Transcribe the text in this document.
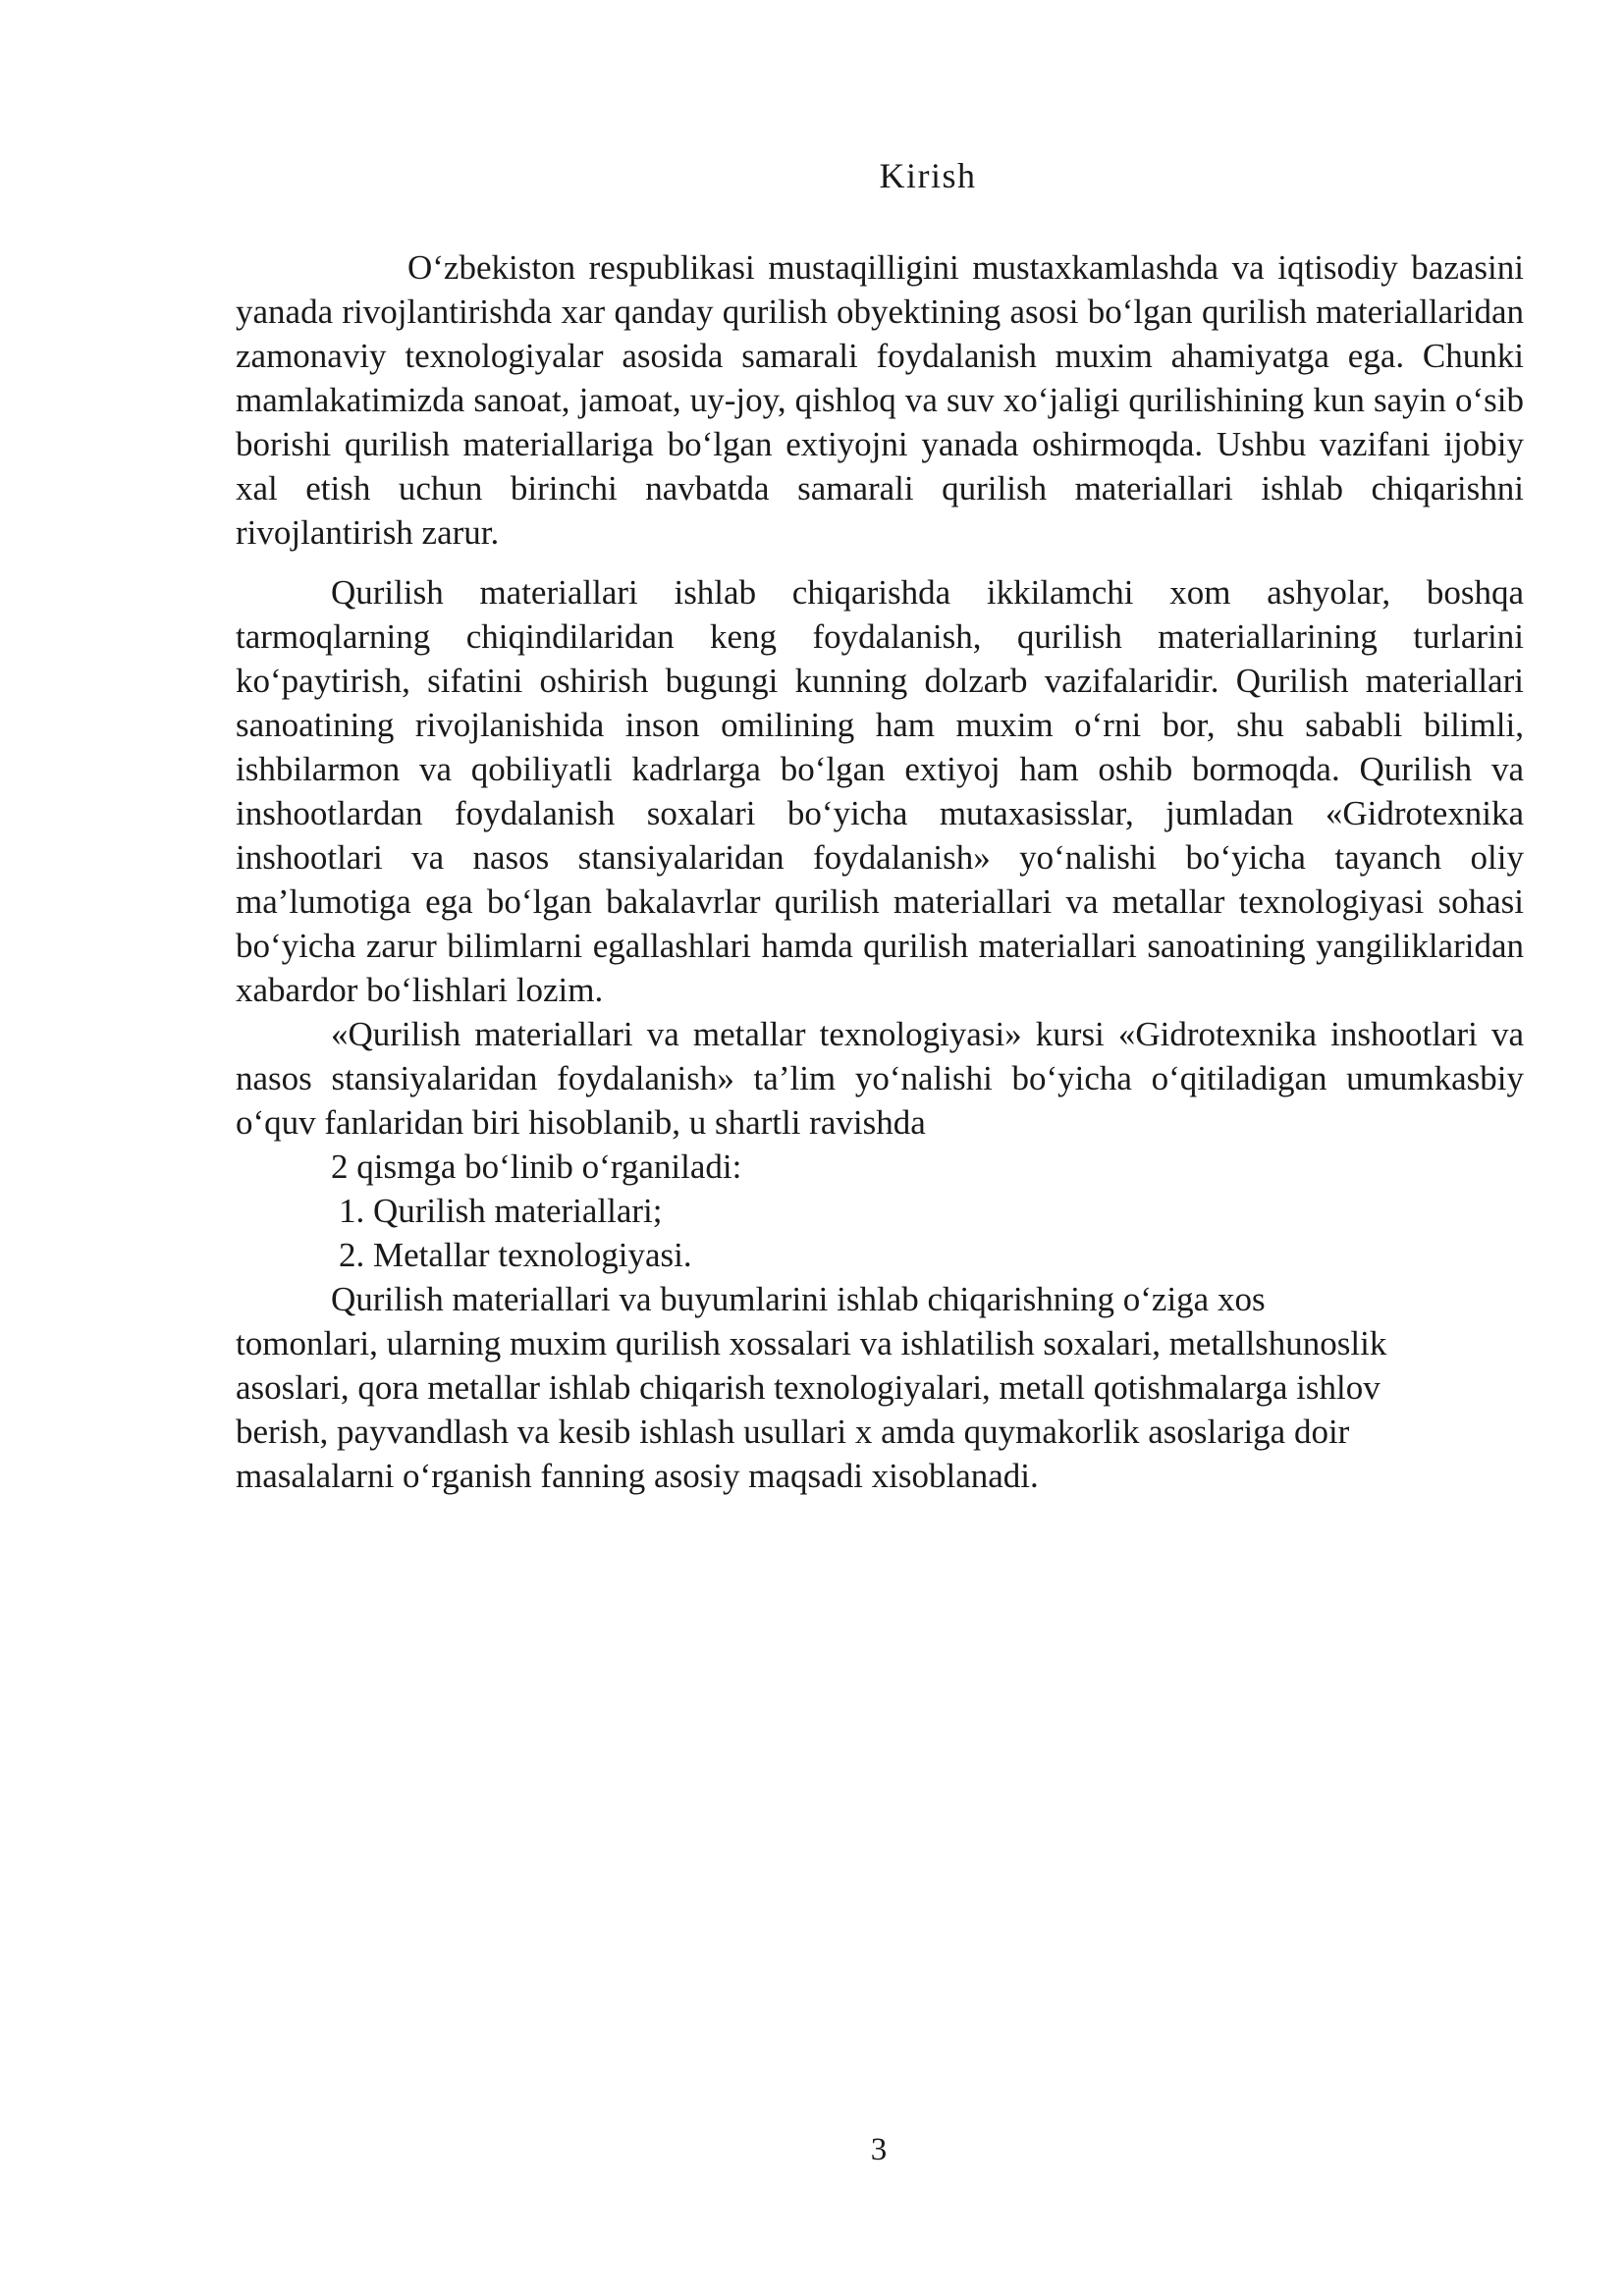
Kirish

O‘zbekiston respublikasi mustaqilligini mustaxkamlashda va iqtisodiy bazasini yanada rivojlantirishda xar qanday qurilish obyektining asosi bo‘lgan qurilish materiallaridan zamonaviy texnologiyalar asosida samarali foydalanish muxim ahamiyatga ega. Chunki mamlakatimizda sanoat, jamoat, uy-joy, qishloq va suv xo‘jaligi qurilishining kun sayin o‘sib borishi qurilish materiallariga bo‘lgan extiyojni yanada oshirmoqda. Ushbu vazifani ijobiy xal etish uchun birinchi navbatda samarali qurilish materiallari ishlab chiqarishni rivojlantirish zarur.

Qurilish materiallari ishlab chiqarishda ikkilamchi xom ashyolar, boshqa tarmoqlarning chiqindilaridan keng foydalanish, qurilish materiallarining turlarini ko‘paytirish, sifatini oshirish bugungi kunning dolzarb vazifalaridir. Qurilish materiallari sanoatining rivojlanishida inson omilining ham muxim o‘rni bor, shu sababli bilimli, ishbilarmon va qobiliyatli kadrlarga bo‘lgan extiyoj ham oshib bormoqda. Qurilish va inshootlardan foydalanish soxalari bo‘yicha mutaxasisslar, jumladan «Gidrotexnika inshootlari va nasos stansiyalaridan foydalanish» yo‘nalishi bo‘yicha tayanch oliy ma’lumotiga ega bo‘lgan bakalavrlar qurilish materiallari va metallar texnologiyasi sohasi bo‘yicha zarur bilimlarni egallashlari hamda qurilish materiallari sanoatining yangiliklaridan xabardor bo‘lishlari lozim.

«Qurilish materiallari va metallar texnologiyasi» kursi «Gidrotexnika inshootlari va nasos stansiyalaridan foydalanish» ta’lim yo‘nalishi bo‘yicha o‘qitiladigan umumkasbiy o‘quv fanlaridan biri hisoblanib, u shartli ravishda

2 qismga bo‘linib o‘rganiladi:

1. Qurilish materiallari;

2. Metallar texnologiyasi.

Qurilish materiallari va buyumlarini ishlab chiqarishning o‘ziga xos tomonlari, ularning muxim qurilish xossalari va ishlatilish soxalari, metallshunoslik asoslari, qora metallar ishlab chiqarish texnologiyalari, metall qotishmalarga ishlov berish, payvandlash va kesib ishlash usullari x amda quymakorlik asoslariga doir masalalarni o‘rganish fanning asosiy maqsadi xisoblanadi.

3
